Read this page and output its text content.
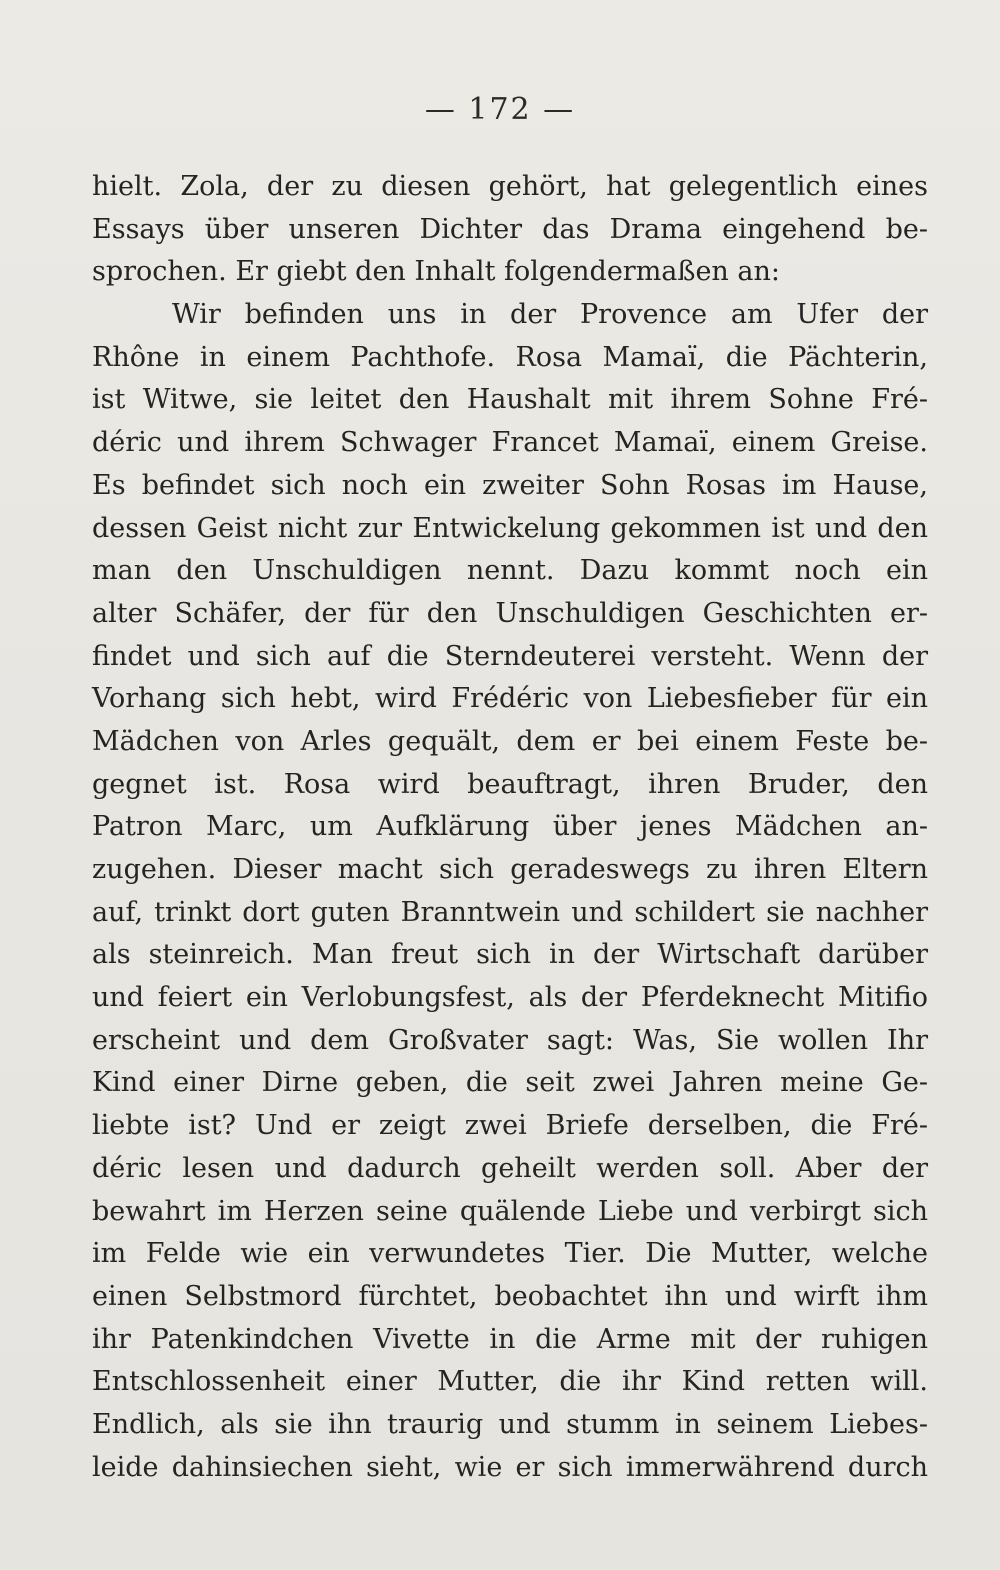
— 172 —
hielt. Zola, der zu diesen gehört, hat gelegentlich eines
Essays über unseren Dichter das Drama eingehend be-
sprochen. Er giebt den Inhalt folgendermaßen an:
Wir befinden uns in der Provence am Ufer der
Rhône in einem Pachthofe. Rosa Mamaï, die Pächterin,
ist Witwe, sie leitet den Haushalt mit ihrem Sohne Fré-
déric und ihrem Schwager Francet Mamaï, einem Greise.
Es befindet sich noch ein zweiter Sohn Rosas im Hause,
dessen Geist nicht zur Entwickelung gekommen ist und den
man den Unschuldigen nennt. Dazu kommt noch ein
alter Schäfer, der für den Unschuldigen Geschichten er-
findet und sich auf die Sterndeuterei versteht. Wenn der
Vorhang sich hebt, wird Frédéric von Liebesfieber für ein
Mädchen von Arles gequält, dem er bei einem Feste be-
gegnet ist. Rosa wird beauftragt, ihren Bruder, den
Patron Marc, um Aufklärung über jenes Mädchen an-
zugehen. Dieser macht sich geradeswegs zu ihren Eltern
auf, trinkt dort guten Branntwein und schildert sie nachher
als steinreich. Man freut sich in der Wirtschaft darüber
und feiert ein Verlobungsfest, als der Pferdeknecht Mitifio
erscheint und dem Großvater sagt: Was, Sie wollen Ihr
Kind einer Dirne geben, die seit zwei Jahren meine Ge-
liebte ist? Und er zeigt zwei Briefe derselben, die Fré-
déric lesen und dadurch geheilt werden soll. Aber der
bewahrt im Herzen seine quälende Liebe und verbirgt sich
im Felde wie ein verwundetes Tier. Die Mutter, welche
einen Selbstmord fürchtet, beobachtet ihn und wirft ihm
ihr Patenkindchen Vivette in die Arme mit der ruhigen
Entschlossenheit einer Mutter, die ihr Kind retten will.
Endlich, als sie ihn traurig und stumm in seinem Liebes-
leide dahinsiechen sieht, wie er sich immerwährend durch
